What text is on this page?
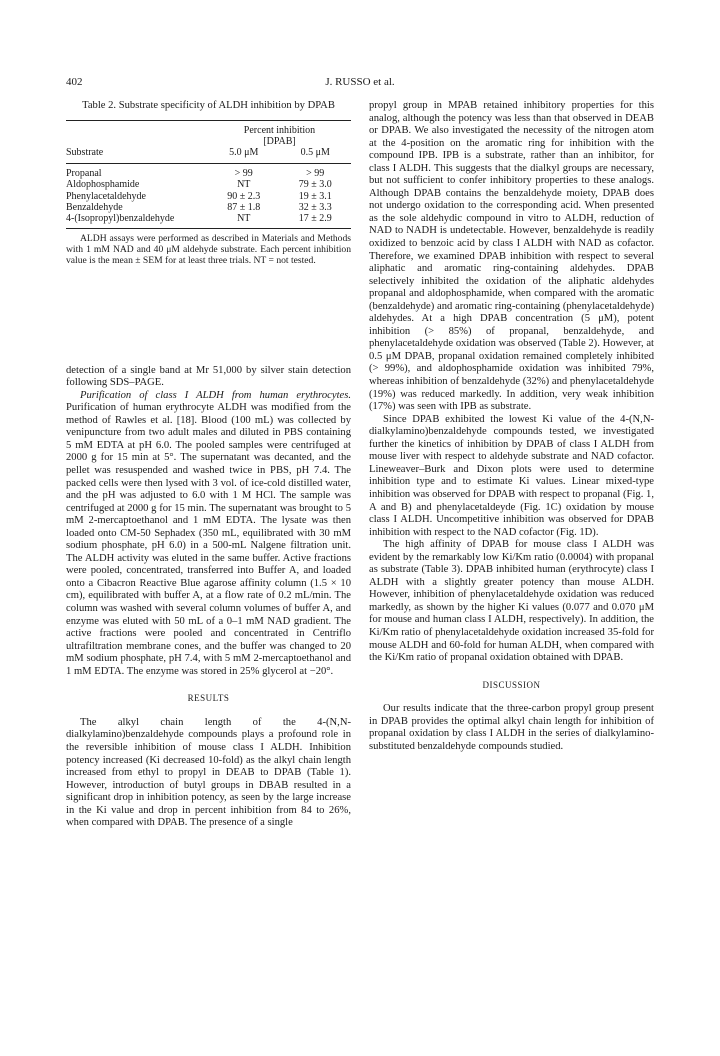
402	J. RUSSO et al.
Table 2. Substrate specificity of ALDH inhibition by DPAB

	Percent inhibition	
	[DPAB]	
Substrate	5.0 μM	0.5 μM

Propanal	> 99	> 99
Aldophosphamide	NT	79 ± 3.0
Phenylacetaldehyde	90 ± 2.3	19 ± 3.1
Benzaldehyde	87 ± 1.8	32 ± 3.3
4-(Isopropyl)benzaldehyde	NT	17 ± 2.9

ALDH assays were performed as described in Materials and Methods with 1 mM NAD and 40 μM aldehyde substrate. Each percent inhibition value is the mean ± SEM for at least three trials. NT = not tested.

detection of a single band at Mr 51,000 by silver stain detection following SDS–PAGE.

Purification of class I ALDH from human erythrocytes. Purification of human erythrocyte ALDH was modified from the method of Rawles et al. [18]. Blood (100 mL) was collected by venipuncture from two adult males and diluted in PBS containing 5 mM EDTA at pH 6.0. The pooled samples were centrifuged at 2000 g for 15 min at 5°. The supernatant was decanted, and the pellet was resuspended and washed twice in PBS, pH 7.4. The packed cells were then lysed with 3 vol. of ice-cold distilled water, and the pH was adjusted to 6.0 with 1 M HCl. The sample was centrifuged at 2000 g for 15 min. The supernatant was brought to 5 mM 2-mercaptoethanol and 1 mM EDTA. The lysate was then loaded onto CM-50 Sephadex (350 mL, equilibrated with 30 mM sodium phosphate, pH 6.0) in a 500-mL Nalgene filtration unit. The ALDH activity was eluted in the same buffer. Active fractions were pooled, concentrated, transferred into Buffer A, and loaded onto a Cibacron Reactive Blue agarose affinity column (1.5 × 10 cm), equilibrated with buffer A, at a flow rate of 0.2 mL/min. The column was washed with several column volumes of buffer A, and enzyme was eluted with 50 mL of a 0–1 mM NAD gradient. The active fractions were pooled and concentrated in Centriflo ultrafiltration membrane cones, and the buffer was changed to 20 mM sodium phosphate, pH 7.4, with 5 mM 2-mercaptoethanol and 1 mM EDTA. The enzyme was stored in 25% glycerol at −20°.

RESULTS

The alkyl chain length of the 4-(N,N-dialkylamino)benzaldehyde compounds plays a profound role in the reversible inhibition of mouse class I ALDH. Inhibition potency increased (Ki decreased 10-fold) as the alkyl chain length increased from ethyl to propyl in DEAB to DPAB (Table 1). However, introduction of butyl groups in DBAB resulted in a significant drop in inhibition potency, as seen by the large increase in the Ki value and drop in percent inhibition from 84 to 26%, when compared with DPAB. The presence of a single

propyl group in MPAB retained inhibitory properties for this analog, although the potency was less than that observed in DEAB or DPAB. We also investigated the necessity of the nitrogen atom at the 4-position on the aromatic ring for inhibition with the compound IPB. IPB is a substrate, rather than an inhibitor, for class I ALDH. This suggests that the dialkyl groups are necessary, but not sufficient to confer inhibitory properties to these analogs. Although DPAB contains the benzaldehyde moiety, DPAB does not undergo oxidation to the corresponding acid. When presented as the sole aldehydic compound in vitro to ALDH, reduction of NAD to NADH is undetectable. However, benzaldehyde is readily oxidized to benzoic acid by class I ALDH with NAD as cofactor. Therefore, we examined DPAB inhibition with respect to several aliphatic and aromatic ring-containing aldehydes. DPAB selectively inhibited the oxidation of the aliphatic aldehydes propanal and aldophosphamide, when compared with the aromatic (benzaldehyde) and aromatic ring-containing (phenylacetaldehyde) aldehydes. At a high DPAB concentration (5 μM), potent inhibition (> 85%) of propanal, benzaldehyde, and phenylacetaldehyde oxidation was observed (Table 2). However, at 0.5 μM DPAB, propanal oxidation remained completely inhibited (> 99%), and aldophosphamide oxidation was inhibited 79%, whereas inhibition of benzaldehyde (32%) and phenylacetaldehyde (19%) was reduced markedly. In addition, very weak inhibition (17%) was seen with IPB as substrate.

Since DPAB exhibited the lowest Ki value of the 4-(N,N-dialkylamino)benzaldehyde compounds tested, we investigated further the kinetics of inhibition by DPAB of class I ALDH from mouse liver with respect to aldehyde substrate and NAD cofactor. Lineweaver–Burk and Dixon plots were used to determine inhibition type and to estimate Ki values. Linear mixed-type inhibition was observed for DPAB with respect to propanal (Fig. 1, A and B) and phenylacetaldeyde (Fig. 1C) oxidation by mouse class I ALDH. Uncompetitive inhibition was observed for DPAB inhibition with respect to the NAD cofactor (Fig. 1D).

The high affinity of DPAB for mouse class I ALDH was evident by the remarkably low Ki/Km ratio (0.0004) with propanal as substrate (Table 3). DPAB inhibited human (erythrocyte) class I ALDH with a slightly greater potency than mouse ALDH. However, inhibition of phenylacetaldehyde oxidation was reduced markedly, as shown by the higher Ki values (0.077 and 0.070 μM for mouse and human class I ALDH, respectively). In addition, the Ki/Km ratio of phenylacetaldehyde oxidation increased 35-fold for mouse ALDH and 60-fold for human ALDH, when compared with the Ki/Km ratio of propanal oxidation obtained with DPAB.

DISCUSSION

Our results indicate that the three-carbon propyl group present in DPAB provides the optimal alkyl chain length for inhibition of propanal oxidation by class I ALDH in the series of dialkylamino-substituted benzaldehyde compounds studied.
